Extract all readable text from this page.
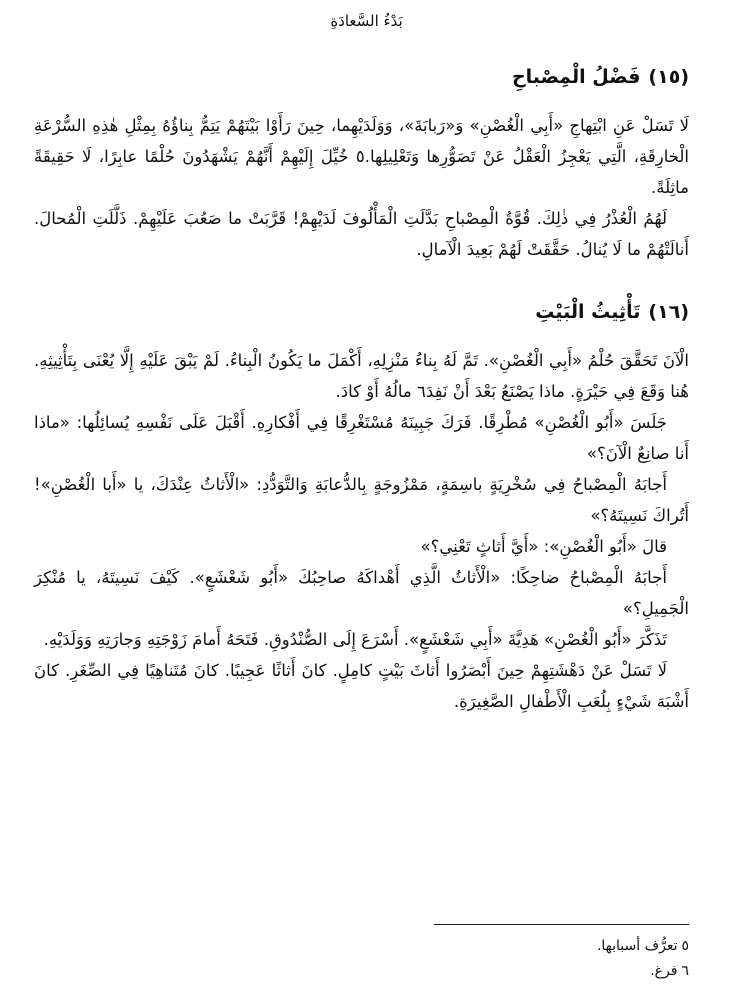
بَدْءُ السَّعادَةِ
(١٥)فَضْلُ الْمِصْباحِ

لَا تَسَلْ عَنِ ابْتِهاجِ «أَبِي الْغُصْنِ» وَ«رَبابَةَ»، وَوَلَدَيْهِما، حِينَ رَأَوْا بَيْتَهُمْ يَتِمُّ بِناؤُهُ بِمِثْلِ هٰذِهِ السُّرْعَةِ الْخارِقَةِ، الَّتِي يَعْجِزُ الْعَقْلُ عَنْ تَصَوُّرِها وَتَعْلِيلِها.٥ خُيِّلَ إِلَيْهِمْ أَنَّهُمْ يَشْهَدُونَ حُلْمًا عابِرًا، لَا حَقِيقَةً ماثِلَةً.

لَهُمُ الْعُذْرُ فِي ذٰلِكَ. قُوَّةُ الْمِصْباحِ بَدَّلَتِ الْمَأْلُوفَ لَدَيْهِمْ! قَرَّبَتْ ما صَعُبَ عَلَيْهِمْ. ذَلَّلَتِ الْمُحالَ. أَنالَتْهُمْ ما لَا يُنالُ. حَقَّقَتْ لَهُمْ بَعِيدَ الْآمالِ.

(١٦)تَأْثِيثُ الْبَيْتِ

الْآنَ تَحَقَّقَ حُلْمُ «أَبِي الْغُصْنِ». تَمَّ لَهُ بِناءُ مَنْزِلِهِ، أَكْمَلَ ما يَكُونُ الْبِناءُ. لَمْ يَبْقَ عَلَيْهِ إِلَّا يُعْنَى بِتَأْثِيثِهِ. هُنا وَقَعَ فِي حَيْرَةٍ. ماذا يَصْنَعُ بَعْدَ أَنْ نَفِدَ٦ مالُهُ أَوْ كادَ.

جَلَسَ «أَبُو الْغُصْنِ» مُطْرِقًا. فَرَكَ جَبِينَهُ مُسْتَغْرِقًا فِي أَفْكارِهِ. أَقْبَلَ عَلَى نَفْسِهِ يُسائِلُها: «ماذا أَنا صانِعٌ الْآنَ؟»

أَجابَهُ الْمِصْباحُ فِي سُخْرِيَةٍ باسِمَةٍ، مَمْزُوجَةٍ بِالدُّعابَةِ وَالتَّوَدُّدِ: «الْأَثاثُ عِنْدَكَ، يا «أَبا الْغُصْنِ»! أَتُراكَ نَسِيتَهُ؟»

قالَ «أَبُو الْغُصْنِ»: «أَيَّ أَثاثٍ تَعْنِي؟»

أَجابَهُ الْمِصْباحُ ضاحِكًا: «الْأَثاثُ الَّذِي أَهْداكَهُ صاحِبُكَ «أَبُو شَعْشَعٍ». كَيْفَ نَسِيتَهُ، يا مُنْكِرَ الْجَمِيلِ؟»

تَذَكَّرَ «أَبُو الْغُصْنِ» هَدِيَّةَ «أَبِي شَعْشَعٍ». أَسْرَعَ إِلَى الصُّنْدُوقِ. فَتَحَهُ أَمامَ زَوْجَتِهِ وَجارَتِهِ وَوَلَدَيْهِ.

لَا تَسَلْ عَنْ دَهْشَتِهِمْ حِينَ أَبْصَرُوا أَثاثَ بَيْتٍ كامِلٍ. كانَ أَثاثًا عَجِيبًا. كانَ مُتَناهِيًا فِي الصِّغَرِ. كانَ أَشْبَهَ شَيْءٍ بِلُعَبِ الْأَطْفالِ الصَّغِيرَةِ.

٥تعرُّف أسبابها.
٦فرغ.
